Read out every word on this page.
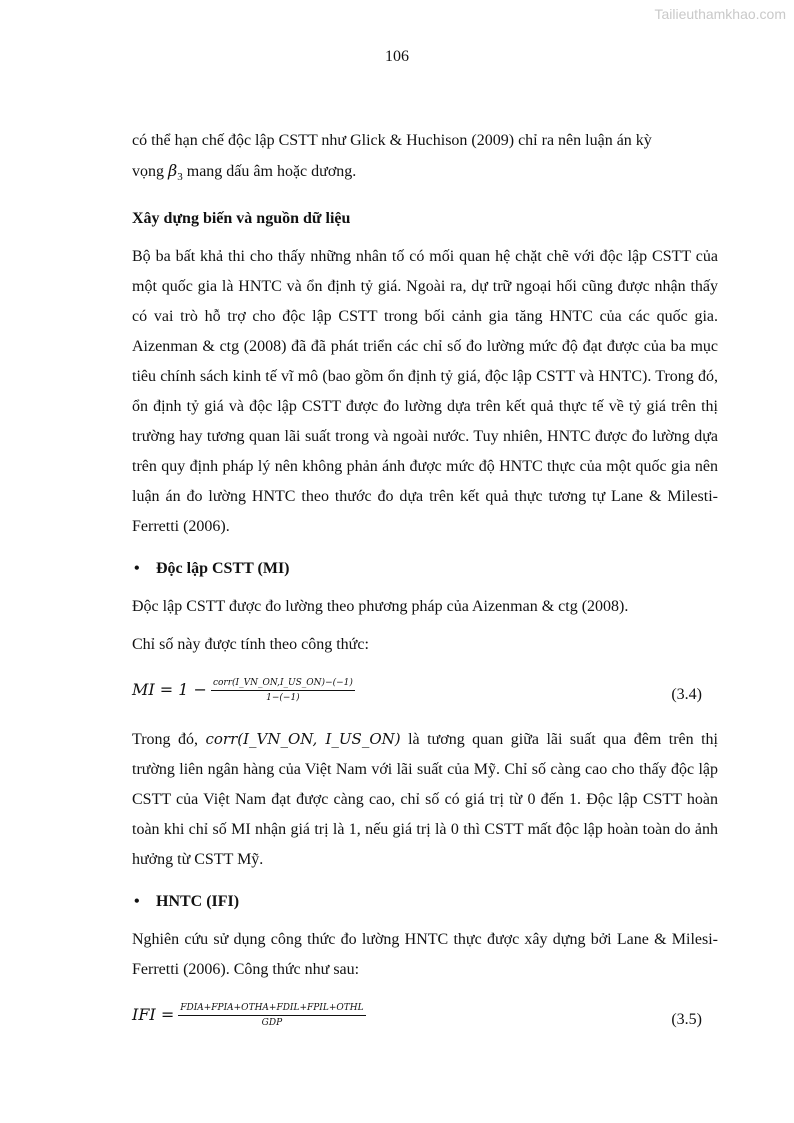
Tailieuthamkhao.com
106

có thể hạn chế độc lập CSTT như Glick & Huchison (2009) chỉ ra nên luận án kỳ
vọng $\beta_3$ mang dấu âm hoặc dương.

Xây dựng biến và nguồn dữ liệu

Bộ ba bất khả thi cho thấy những nhân tố có mối quan hệ chặt chẽ với độc lập CSTT của một quốc gia là HNTC và ổn định tỷ giá. Ngoài ra, dự trữ ngoại hối cũng được nhận thấy có vai trò hỗ trợ cho độc lập CSTT trong bối cảnh gia tăng HNTC của các quốc gia. Aizenman & ctg (2008) đã đã phát triển các chỉ số đo lường mức độ đạt được của ba mục tiêu chính sách kinh tế vĩ mô (bao gồm ổn định tỷ giá, độc lập CSTT và HNTC). Trong đó, ổn định tỷ giá và độc lập CSTT được đo lường dựa trên kết quả thực tế về tỷ giá trên thị trường hay tương quan lãi suất trong và ngoài nước. Tuy nhiên, HNTC được đo lường dựa trên quy định pháp lý nên không phản ánh được mức độ HNTC thực của một quốc gia nên luận án đo lường HNTC theo thước đo dựa trên kết quả thực tương tự Lane & Milesti-Ferretti (2006).

• Độc lập CSTT (MI)

Độc lập CSTT được đo lường theo phương pháp của Aizenman & ctg (2008).

Chỉ số này được tính theo công thức:

MI = $1 - \frac{\text{corr(I\_VN\_ON,I\_US\_ON)−(−1)}}{1-(-1)}$	(3.4)

Trong đó, corr(I_VN_ON, I_US_ON) là tương quan giữa lãi suất qua đêm trên thị trường liên ngân hàng của Việt Nam với lãi suất của Mỹ. Chỉ số càng cao cho thấy độc lập CSTT của Việt Nam đạt được càng cao, chỉ số có giá trị từ 0 đến 1. Độc lập CSTT hoàn toàn khi chỉ số MI nhận giá trị là 1, nếu giá trị là 0 thì CSTT mất độc lập hoàn toàn do ảnh hưởng từ CSTT Mỹ.

• HNTC (IFI)

Nghiên cứu sử dụng công thức đo lường HNTC thực được xây dựng bởi Lane & Milesi-Ferretti (2006). Công thức như sau:

IFI = $\frac{\text{FDIA+FPIA+OTHA+FDIL+FPIL+OTHL}}{\text{GDP}}$	(3.5)
